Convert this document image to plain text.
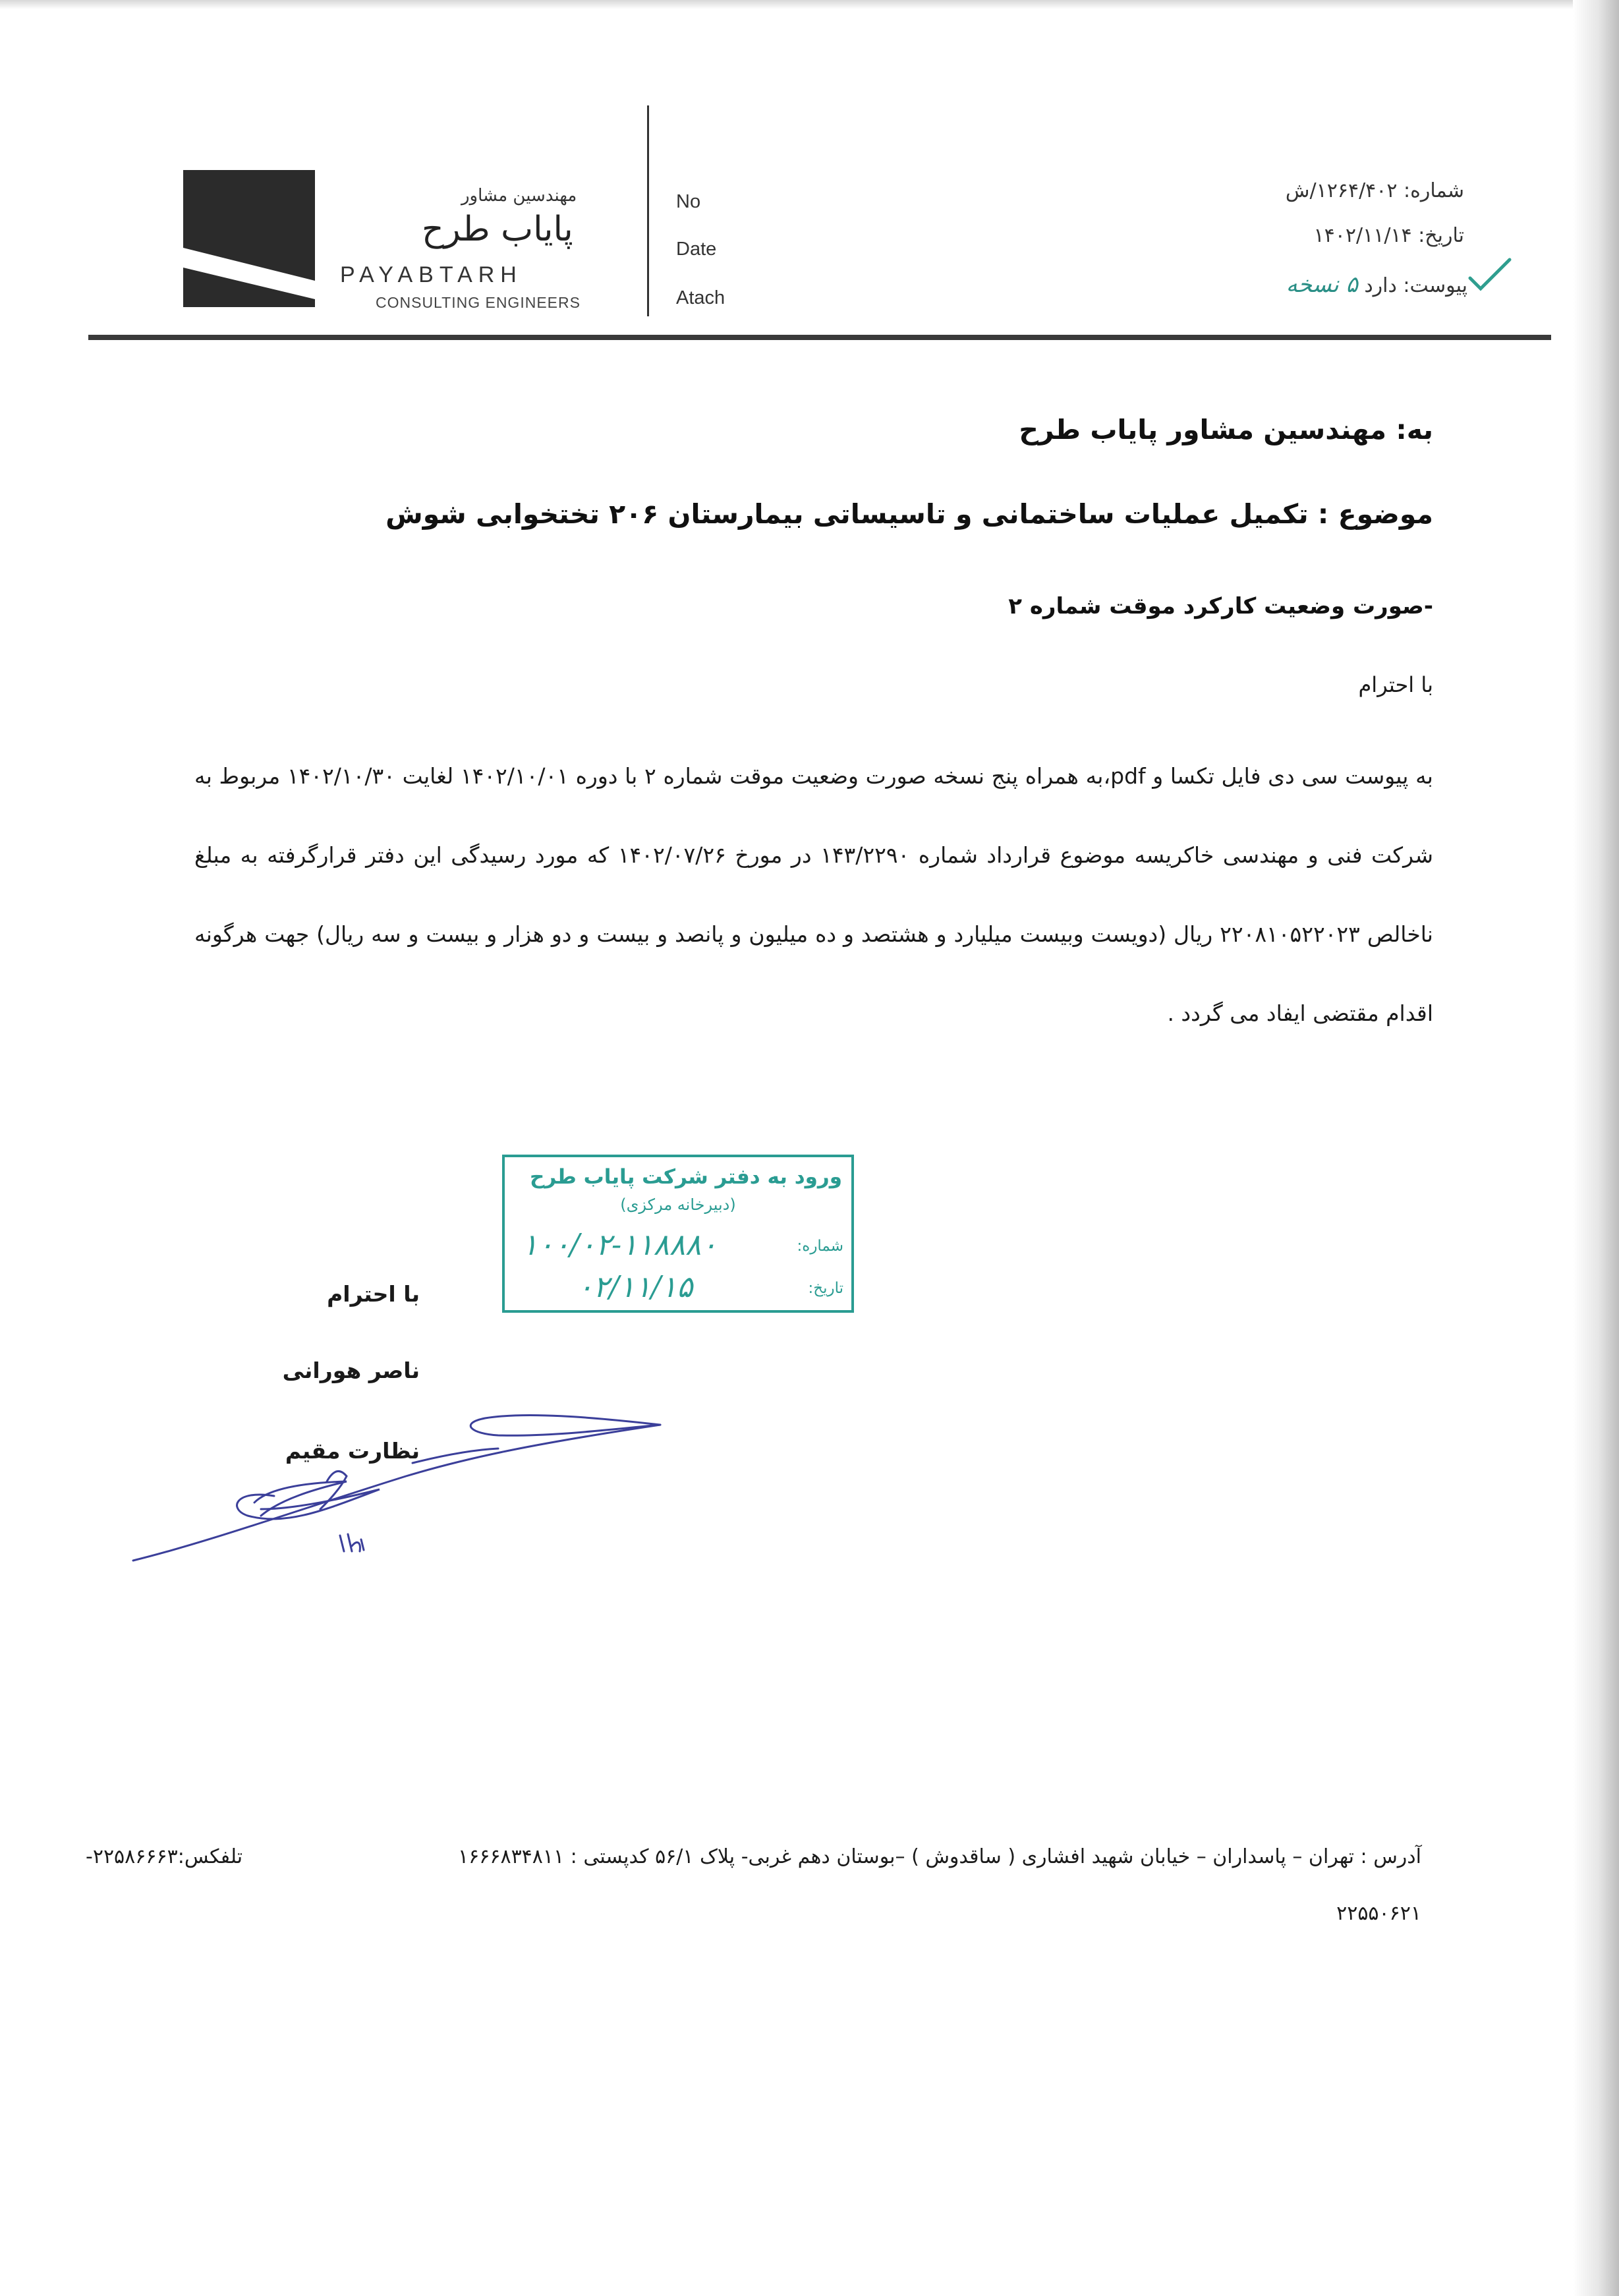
مهندسین مشاور
پایاب طرح
PAYABTARH
CONSULTING ENGINEERS
No
Date
Atach
شماره: ۱۲۶۴/۴۰۲/ش
تاریخ: ۱۴۰۲/۱۱/۱۴
پیوست: دارد ۵ نسخه
به: مهندسین مشاور پایاب طرح
موضوع : تکمیل عملیات ساختمانی و تاسیساتی بیمارستان ۲۰۶ تختخوابی شوش
-صورت وضعیت کارکرد موقت شماره ۲
با احترام
به پیوست سی دی فایل تکسا و pdf،به همراه پنج نسخه صورت وضعیت موقت شماره ۲ با دوره ۱۴۰۲/۱۰/۰۱ لغایت ۱۴۰۲/۱۰/۳۰ مربوط به شرکت فنی و مهندسی خاکریسه موضوع قرارداد شماره ۱۴۳/۲۲۹۰ در مورخ ۱۴۰۲/۰۷/۲۶ که مورد رسیدگی این دفتر قرارگرفته به مبلغ ناخالص ۲۲۰۸۱۰۵۲۲۰۲۳ ریال (دویست وبیست میلیارد و هشتصد و ده میلیون و پانصد و بیست و دو هزار و بیست و سه ریال) جهت هرگونه اقدام مقتضی ایفاد می گردد .
ورود به دفتر شرکت پایاب طرح
(دبیرخانه مرکزی)
شماره:
۱۰۰/۰۲-۱۱۸۸۸۰
تاریخ:
۰۲/۱۱/۱۵
با احترام
ناصر هورانی
نظارت مقیم
آدرس : تهران – پاسداران – خیابان شهید افشاری ( ساقدوش ) –بوستان دهم غربی- پلاک ۵۶/۱ کدپستی : ۱۶۶۶۸۳۴۸۱۱
تلفکس:۲۲۵۸۶۶۶۳-
۲۲۵۵۰۶۲۱
